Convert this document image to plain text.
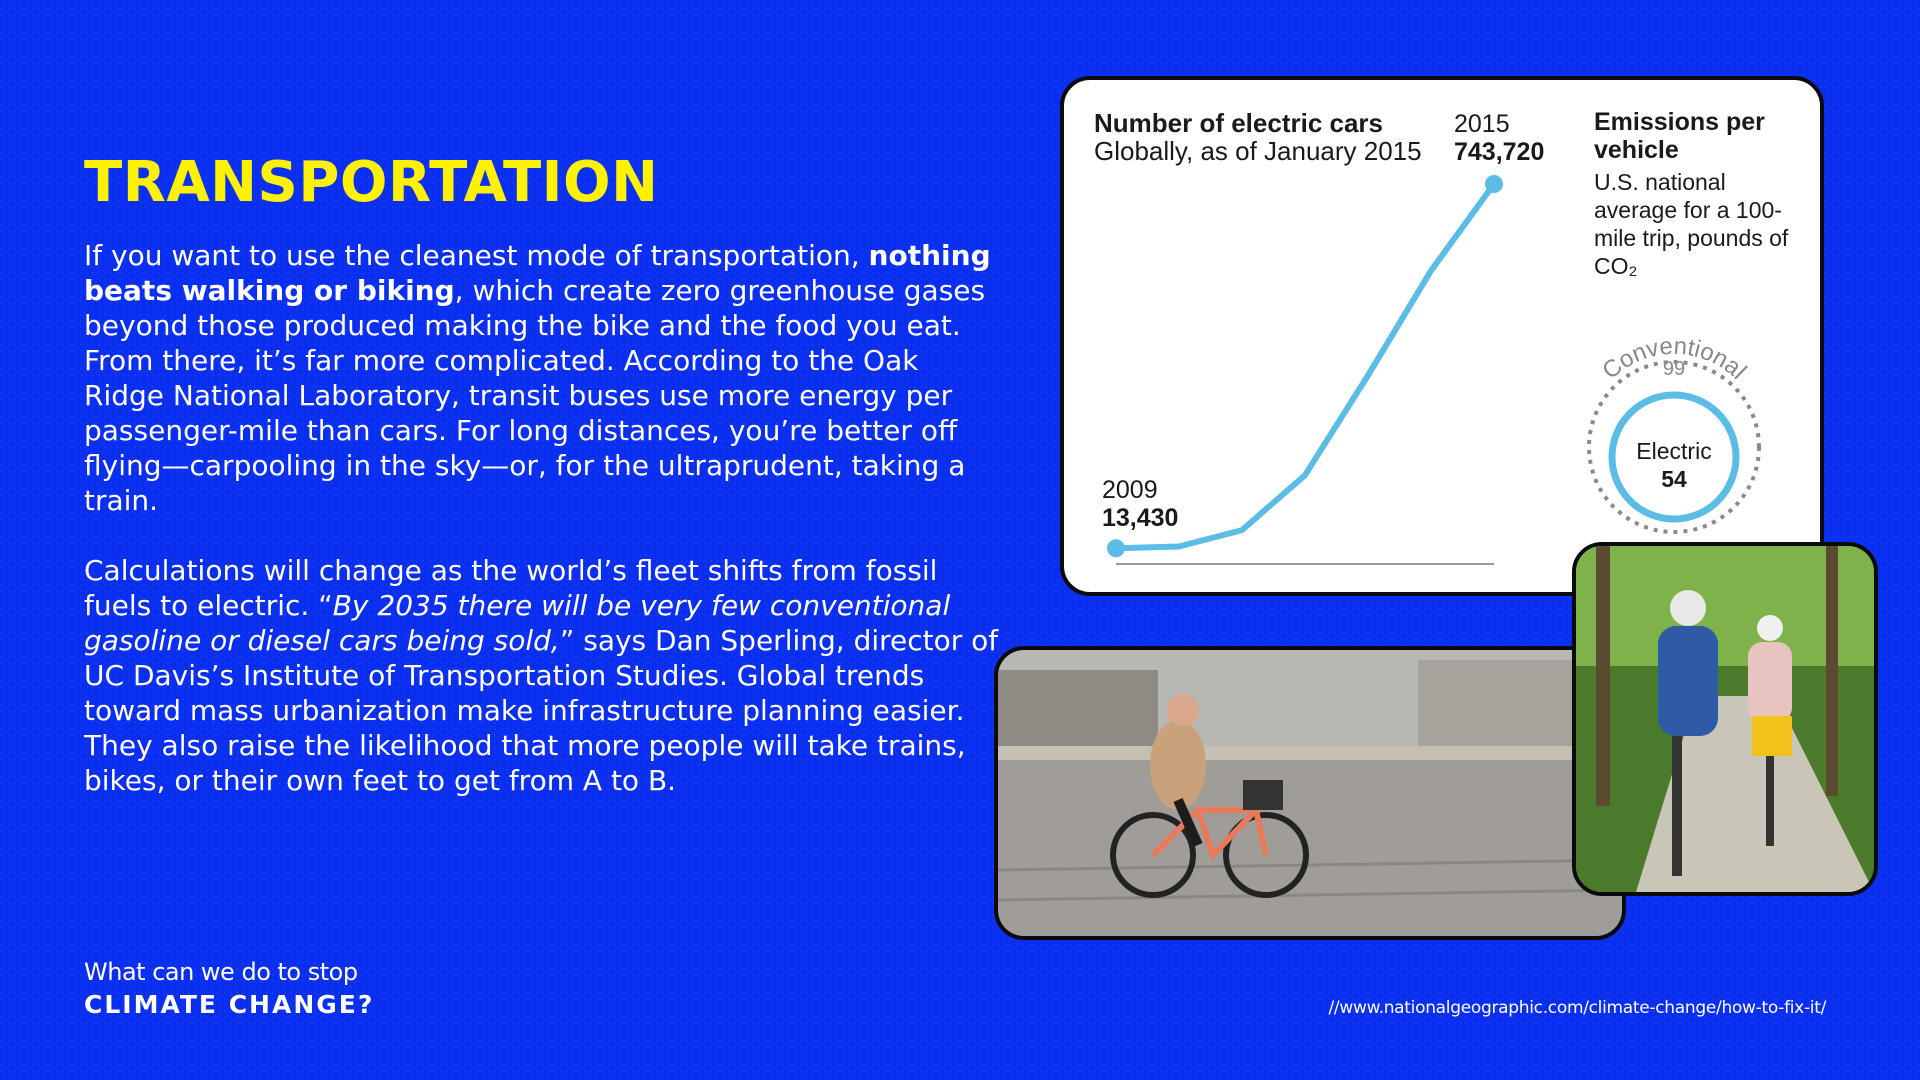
TRANSPORTATION

If you want to use the cleanest mode of transportation, nothing beats walking or biking, which create zero greenhouse gases beyond those produced making the bike and the food you eat. From there, it’s far more complicated. According to the Oak Ridge National Laboratory, transit buses use more energy per passenger-mile than cars. For long distances, you’re better off flying—carpooling in the sky—or, for the ultraprudent, taking a train.

Calculations will change as the world’s fleet shifts from fossil fuels to electric. “By 2035 there will be very few conventional gasoline or diesel cars being sold,” says Dan Sperling, director of UC Davis’s Institute of Transportation Studies. Global trends toward mass urbanization make infrastructure planning easier. They also raise the likelihood that more people will take trains, bikes, or their own feet to get from A to B.

What can we do to stop
CLIMATE CHANGE?	//www.nationalgeographic.com/climate-change/how-to-fix-it/
Conventional
Number of electric cars
Globally, as of January 2015
2015
743,720
2009
13,430
Emissions per vehicle
U.S. national average for a 100-mile trip, pounds of CO₂
99
Electric
54
